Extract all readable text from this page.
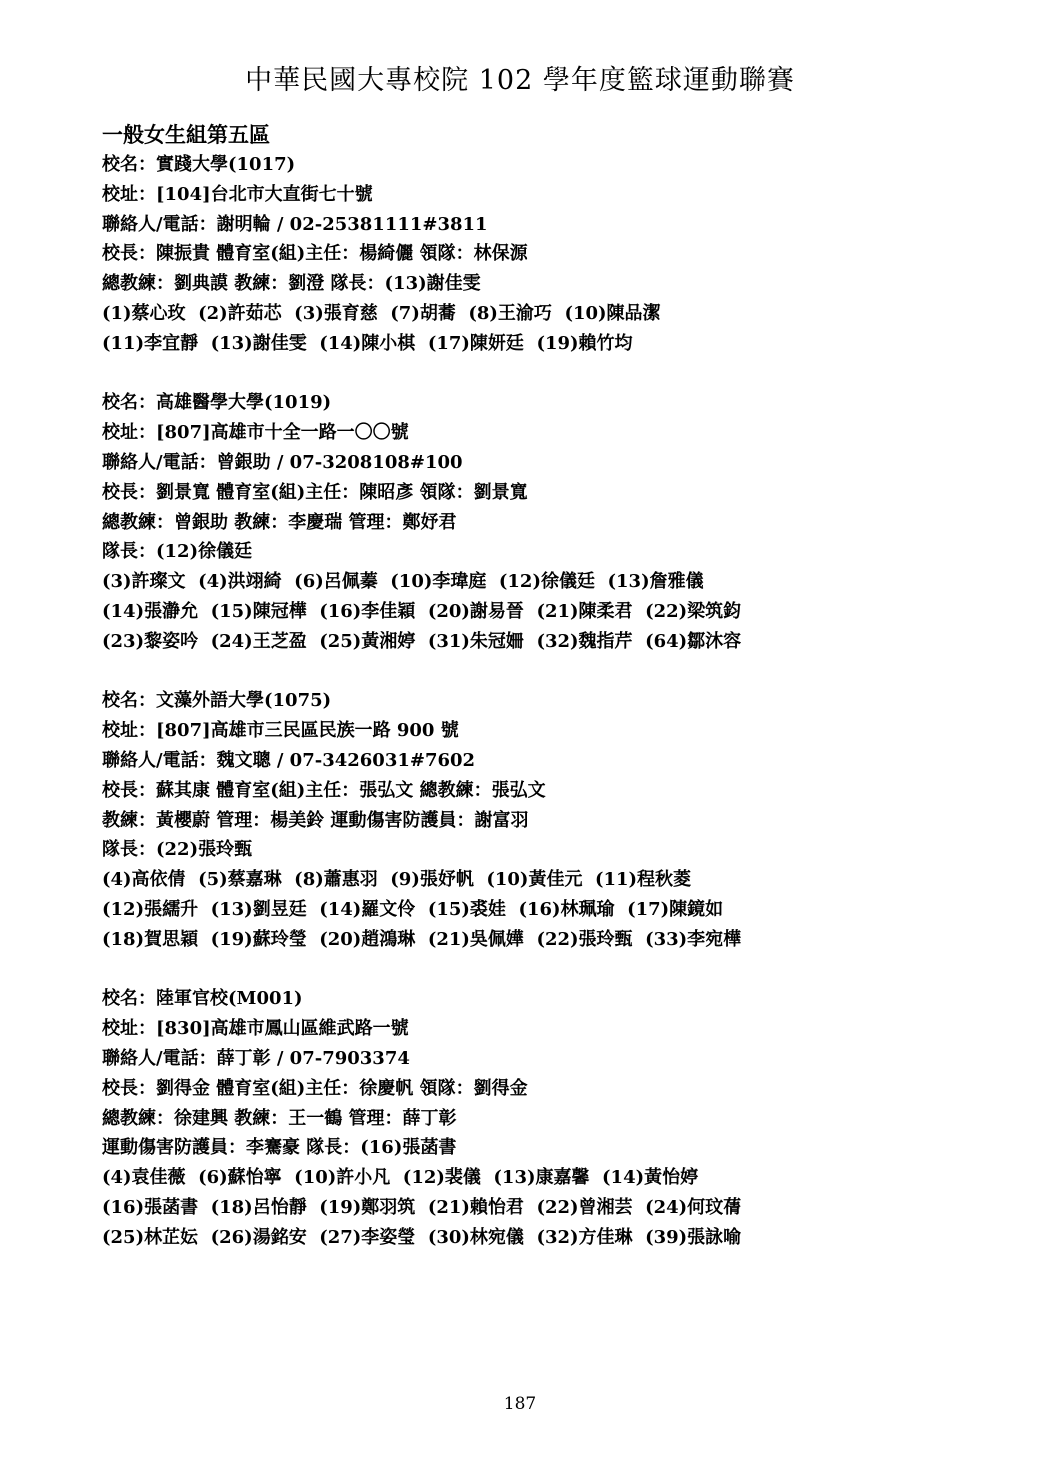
中華民國大專校院 102 學年度籃球運動聯賽
一般女生組第五區
校名：實踐大學(1017)
校址：[104]台北市大直街七十號
聯絡人/電話：謝明輪 / 02-25381111#3811
校長：陳振貴 體育室(組)主任：楊綺儷 領隊：林保源
總教練：劉典謨 教練：劉澄 隊長：(13)謝佳雯
(1)蔡心玫  (2)許茹芯  (3)張育慈  (7)胡蕎  (8)王渝巧  (10)陳品潔
(11)李宜靜  (13)謝佳雯  (14)陳小棋  (17)陳妍廷  (19)賴竹均
校名：高雄醫學大學(1019)
校址：[807]高雄市十全一路一〇〇號
聯絡人/電話：曾銀助 / 07-3208108#100
校長：劉景寬 體育室(組)主任：陳昭彥 領隊：劉景寬
總教練：曾銀助 教練：李慶瑞 管理：鄭妤君
隊長：(12)徐儀廷
(3)許璨文  (4)洪翊綺  (6)呂佩蓁  (10)李瑋庭  (12)徐儀廷  (13)詹雅儀
(14)張瀞允  (15)陳冠樺  (16)李佳穎  (20)謝易晉  (21)陳柔君  (22)梁筑鈞
(23)黎姿吟  (24)王芝盈  (25)黃湘婷  (31)朱冠姍  (32)魏指芹  (64)鄒沐容
校名：文藻外語大學(1075)
校址：[807]高雄市三民區民族一路 900 號
聯絡人/電話：魏文聰 / 07-3426031#7602
校長：蘇其康 體育室(組)主任：張弘文 總教練：張弘文
教練：黃櫻蔚 管理：楊美鈴 運動傷害防護員：謝富羽
隊長：(22)張玲甄
(4)高依倩  (5)蔡嘉琳  (8)蕭惠羽  (9)張妤帆  (10)黃佳元  (11)程秋菱
(12)張繻升  (13)劉昱廷  (14)羅文伶  (15)裘娃  (16)林珮瑜  (17)陳鏡如
(18)賀思穎  (19)蘇玲瑩  (20)趙鴻琳  (21)吳佩嬅  (22)張玲甄  (33)李宛樺
校名：陸軍官校(M001)
校址：[830]高雄市鳳山區維武路一號
聯絡人/電話：薛丁彰 / 07-7903374
校長：劉得金 體育室(組)主任：徐慶帆 領隊：劉得金
總教練：徐建興 教練：王一鶴 管理：薛丁彰
運動傷害防護員：李騫豪 隊長：(16)張菡書
(4)袁佳薇  (6)蘇怡寧  (10)許小凡  (12)裴儀  (13)康嘉馨  (14)黃怡婷
(16)張菡書  (18)呂怡靜  (19)鄭羽筑  (21)賴怡君  (22)曾湘芸  (24)何玟蒨
(25)林芷妘  (26)湯銘安  (27)李姿瑩  (30)林宛儀  (32)方佳琳  (39)張詠喻
187
